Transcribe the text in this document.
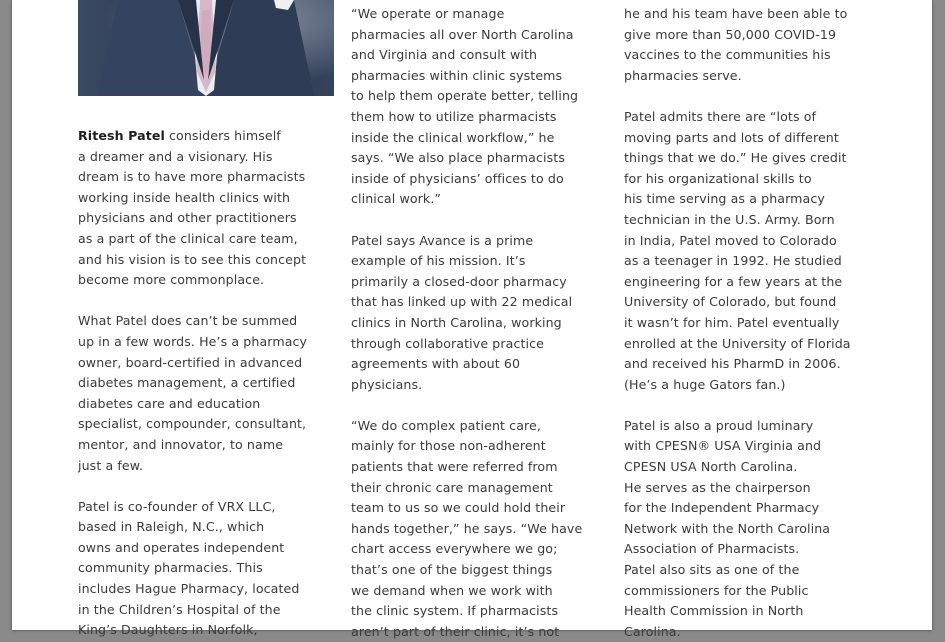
Ritesh Patel considers himself
a dreamer and a visionary. His
dream is to have more pharmacists
working inside health clinics with
physicians and other practitioners
as a part of the clinical care team,
and his vision is to see this concept
become more commonplace.
What Patel does can’t be summed
up in a few words. He’s a pharmacy
owner, board-certified in advanced
diabetes management, a certified
diabetes care and education
specialist, compounder, consultant,
mentor, and innovator, to name
just a few.
Patel is co-founder of VRX LLC,
based in Raleigh, N.C., which
owns and operates independent
community pharmacies. This
includes Hague Pharmacy, located
in the Children’s Hospital of the
King’s Daughters in Norfolk,
“We operate or manage
pharmacies all over North Carolina
and Virginia and consult with
pharmacies within clinic systems
to help them operate better, telling
them how to utilize pharmacists
inside the clinical workflow,” he
says. “We also place pharmacists
inside of physicians’ offices to do
clinical work.”
Patel says Avance is a prime
example of his mission. It’s
primarily a closed-door pharmacy
that has linked up with 22 medical
clinics in North Carolina, working
through collaborative practice
agreements with about 60
physicians.
“We do complex patient care,
mainly for those non-adherent
patients that were referred from
their chronic care management
team to us so we could hold their
hands together,” he says. “We have
chart access everywhere we go;
that’s one of the biggest things
we demand when we work with
the clinic system. If pharmacists
aren’t part of their clinic, it’s not
he and his team have been able to
give more than 50,000 COVID-19
vaccines to the communities his
pharmacies serve.
Patel admits there are “lots of
moving parts and lots of different
things that we do.” He gives credit
for his organizational skills to
his time serving as a pharmacy
technician in the U.S. Army. Born
in India, Patel moved to Colorado
as a teenager in 1992. He studied
engineering for a few years at the
University of Colorado, but found
it wasn’t for him. Patel eventually
enrolled at the University of Florida
and received his PharmD in 2006.
(He’s a huge Gators fan.)
Patel is also a proud luminary
with CPESN® USA Virginia and
CPESN USA North Carolina.
He serves as the chairperson
for the Independent Pharmacy
Network with the North Carolina
Association of Pharmacists.
Patel also sits as one of the
commissioners for the Public
Health Commission in North
Carolina.
